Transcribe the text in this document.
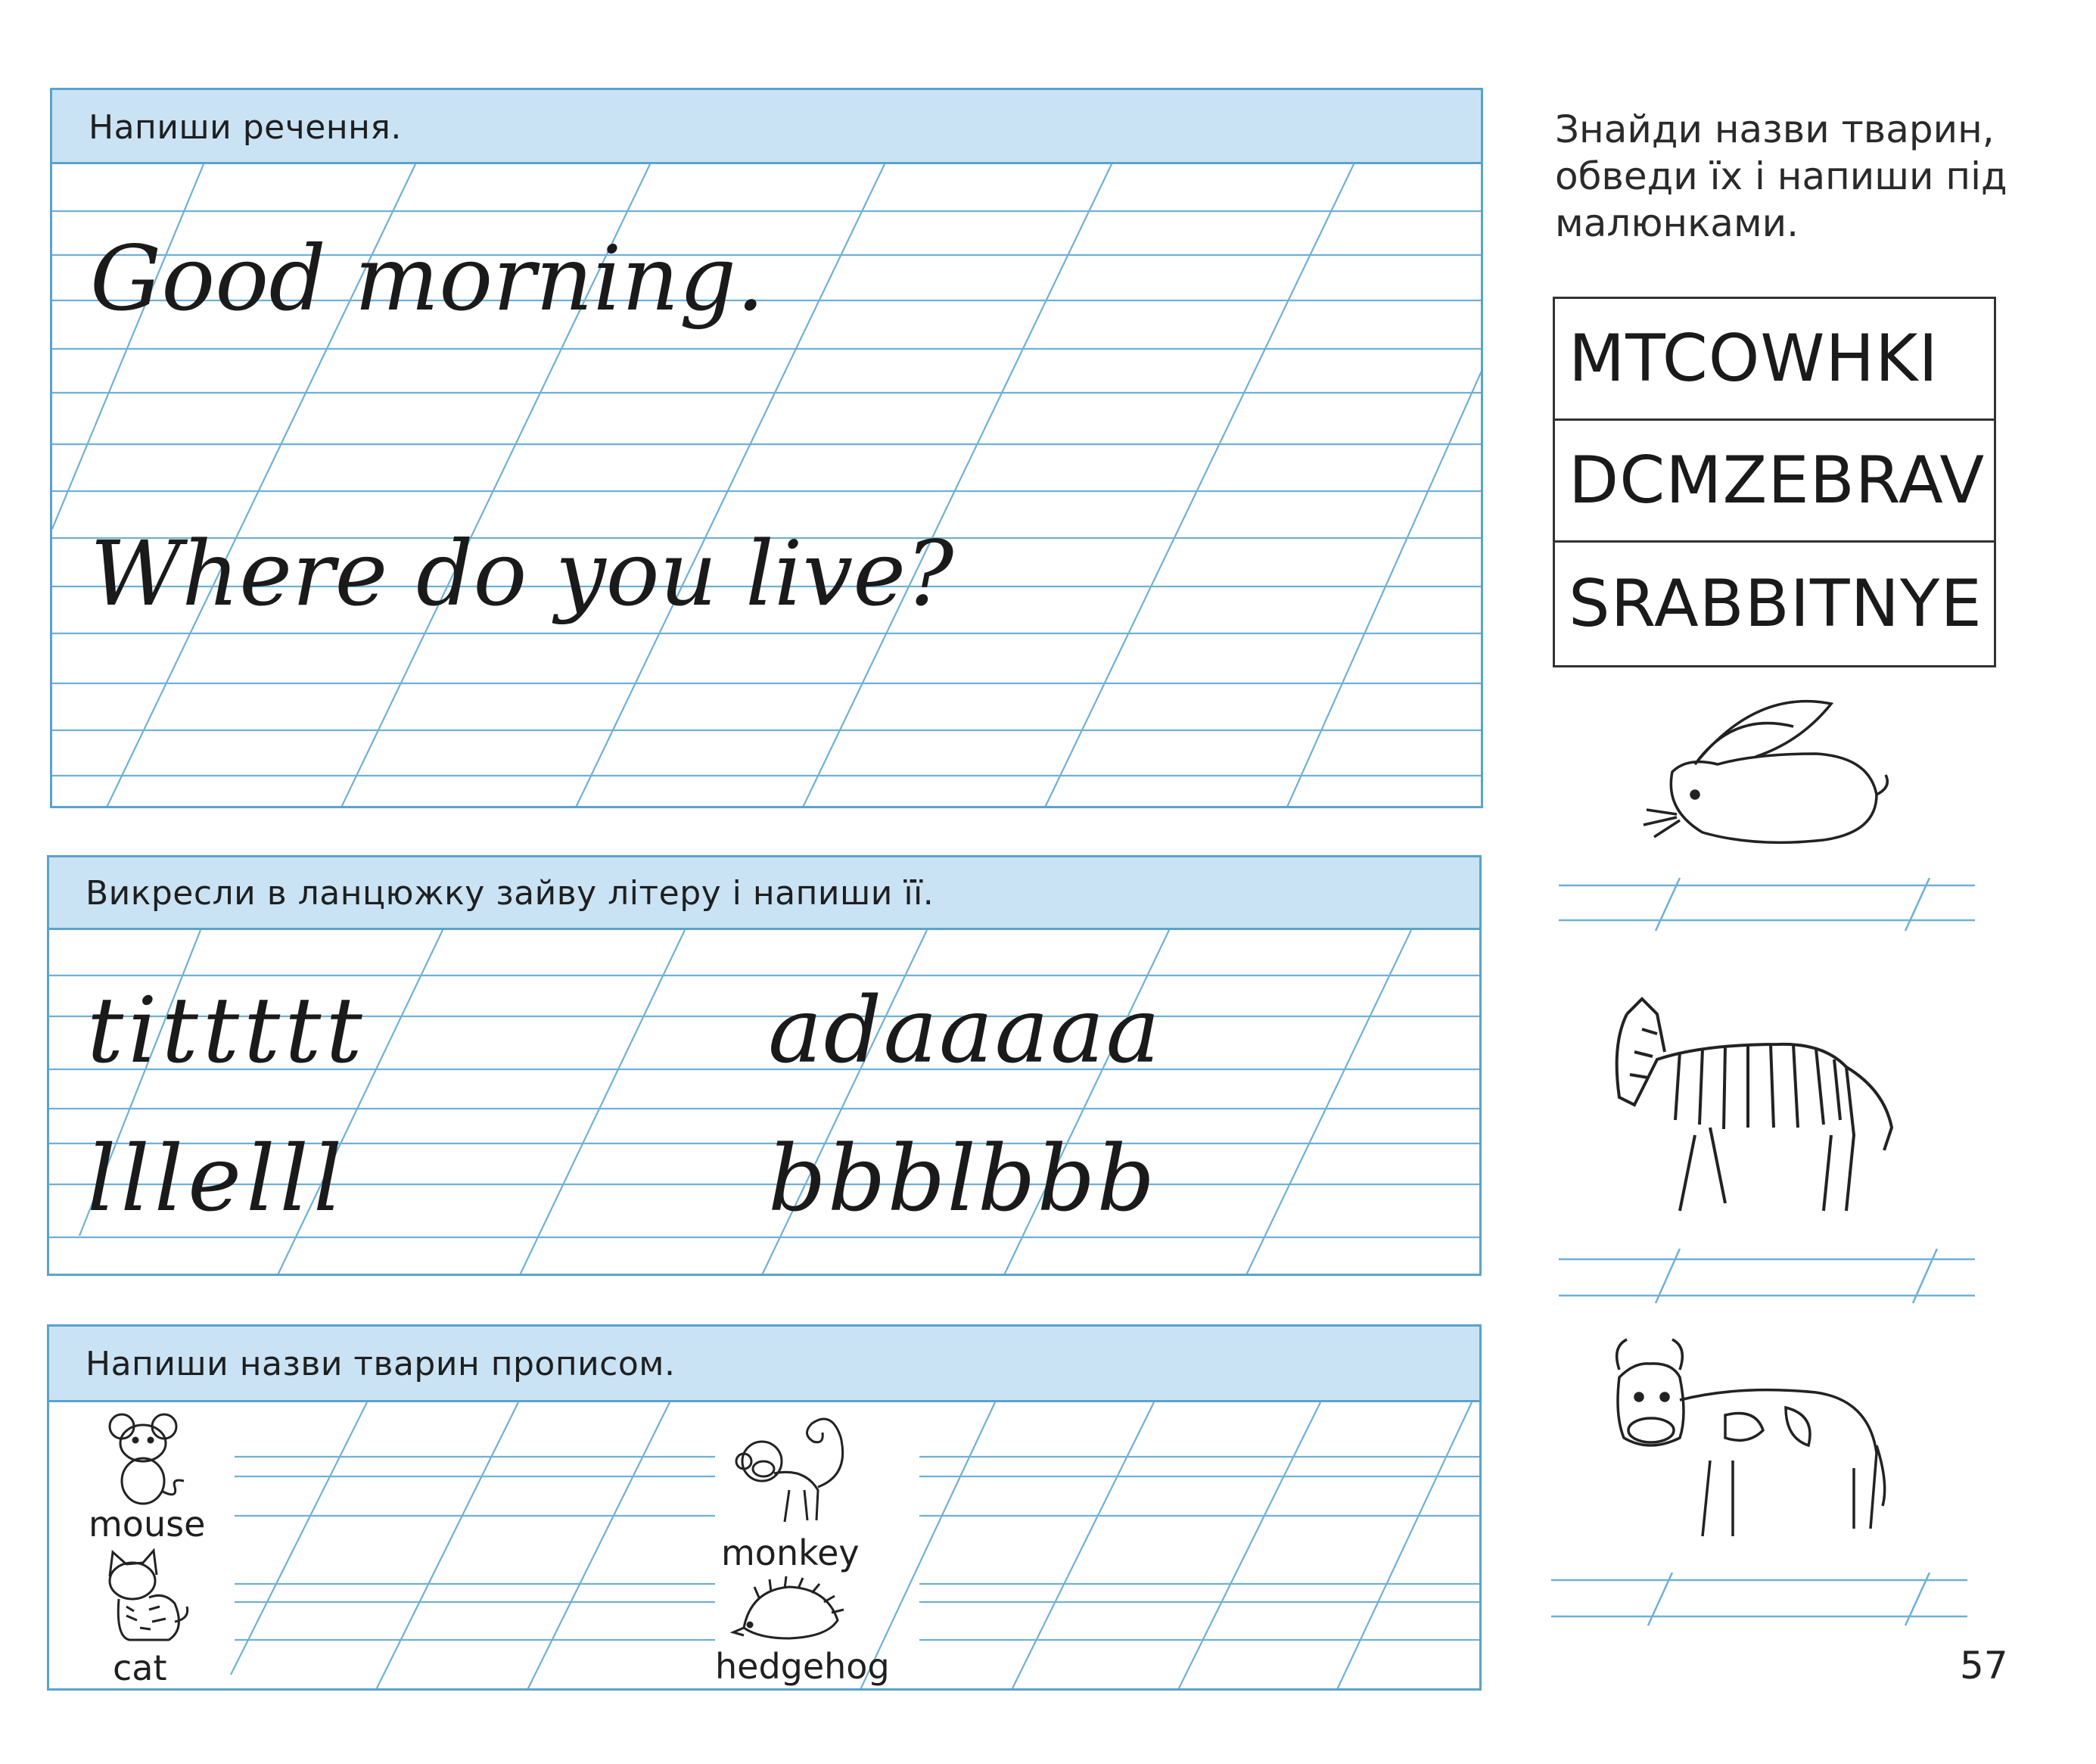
Напиши речення.
Good morning.
Where do you live?
Викресли в ланцюжку зайву літеру і напиши її.
tittttt	adaaaaa
lllelll	bbblbbb
Напиши назви тварин прописом.
mouse
cat
monkey
hedgehog
Знайди назви тварин, обведи їх і напиши під малюнками.
MTCOWHKI
DCMZEBRAV
SRABBITNYE
57
